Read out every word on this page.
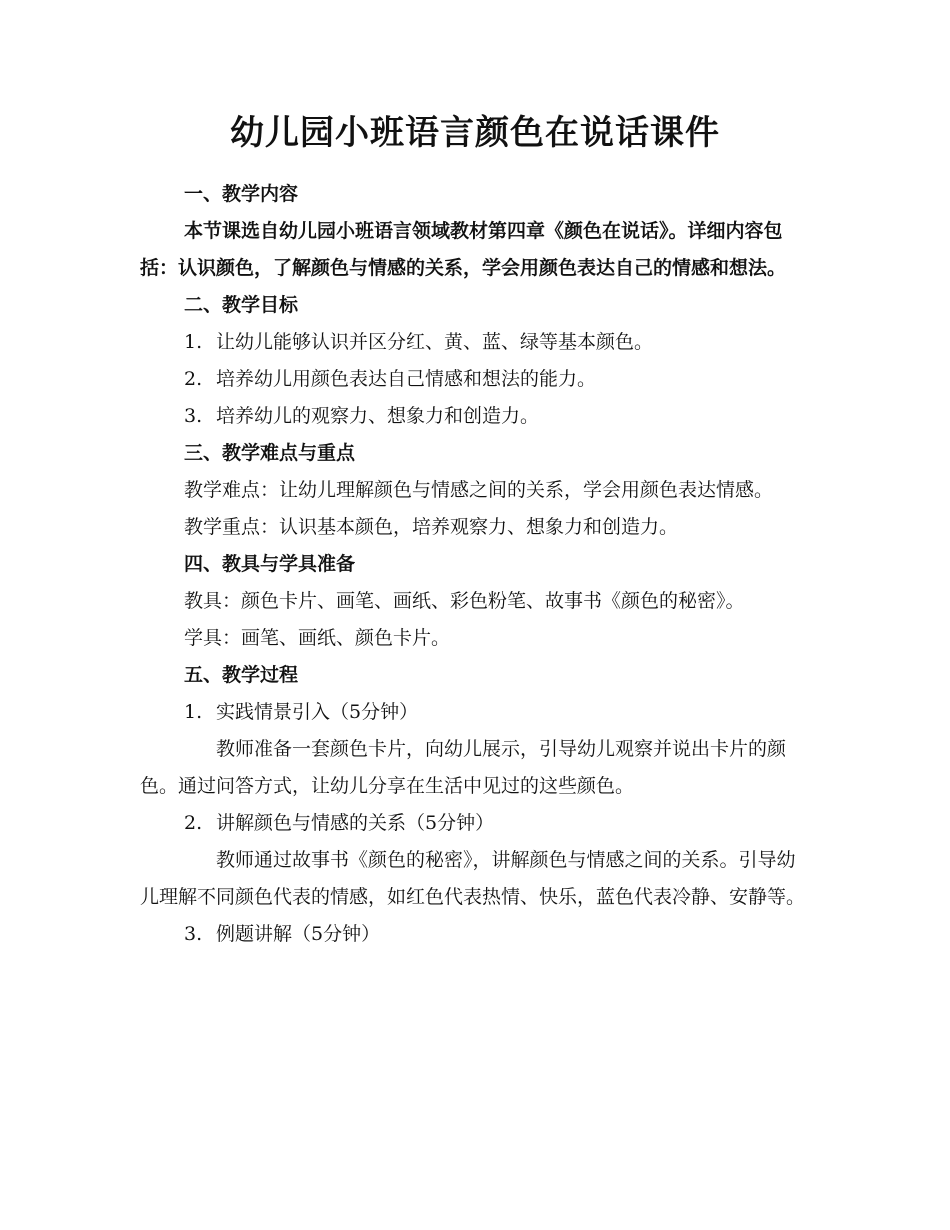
幼儿园小班语言颜色在说话课件
一、教学内容
本节课选自幼儿园小班语言领域教材第四章《颜色在说话》。详细内容包括：认识颜色，了解颜色与情感的关系，学会用颜色表达自己的情感和想法。
二、教学目标
1. 让幼儿能够认识并区分红、黄、蓝、绿等基本颜色。
2. 培养幼儿用颜色表达自己情感和想法的能力。
3. 培养幼儿的观察力、想象力和创造力。
三、教学难点与重点
教学难点：让幼儿理解颜色与情感之间的关系，学会用颜色表达情感。
教学重点：认识基本颜色，培养观察力、想象力和创造力。
四、教具与学具准备
教具：颜色卡片、画笔、画纸、彩色粉笔、故事书《颜色的秘密》。
学具：画笔、画纸、颜色卡片。
五、教学过程
1. 实践情景引入（5分钟）
教师准备一套颜色卡片，向幼儿展示，引导幼儿观察并说出卡片的颜色。通过问答方式，让幼儿分享在生活中见过的这些颜色。
2. 讲解颜色与情感的关系（5分钟）
教师通过故事书《颜色的秘密》，讲解颜色与情感之间的关系。引导幼儿理解不同颜色代表的情感，如红色代表热情、快乐，蓝色代表冷静、安静等。
3. 例题讲解（5分钟）
